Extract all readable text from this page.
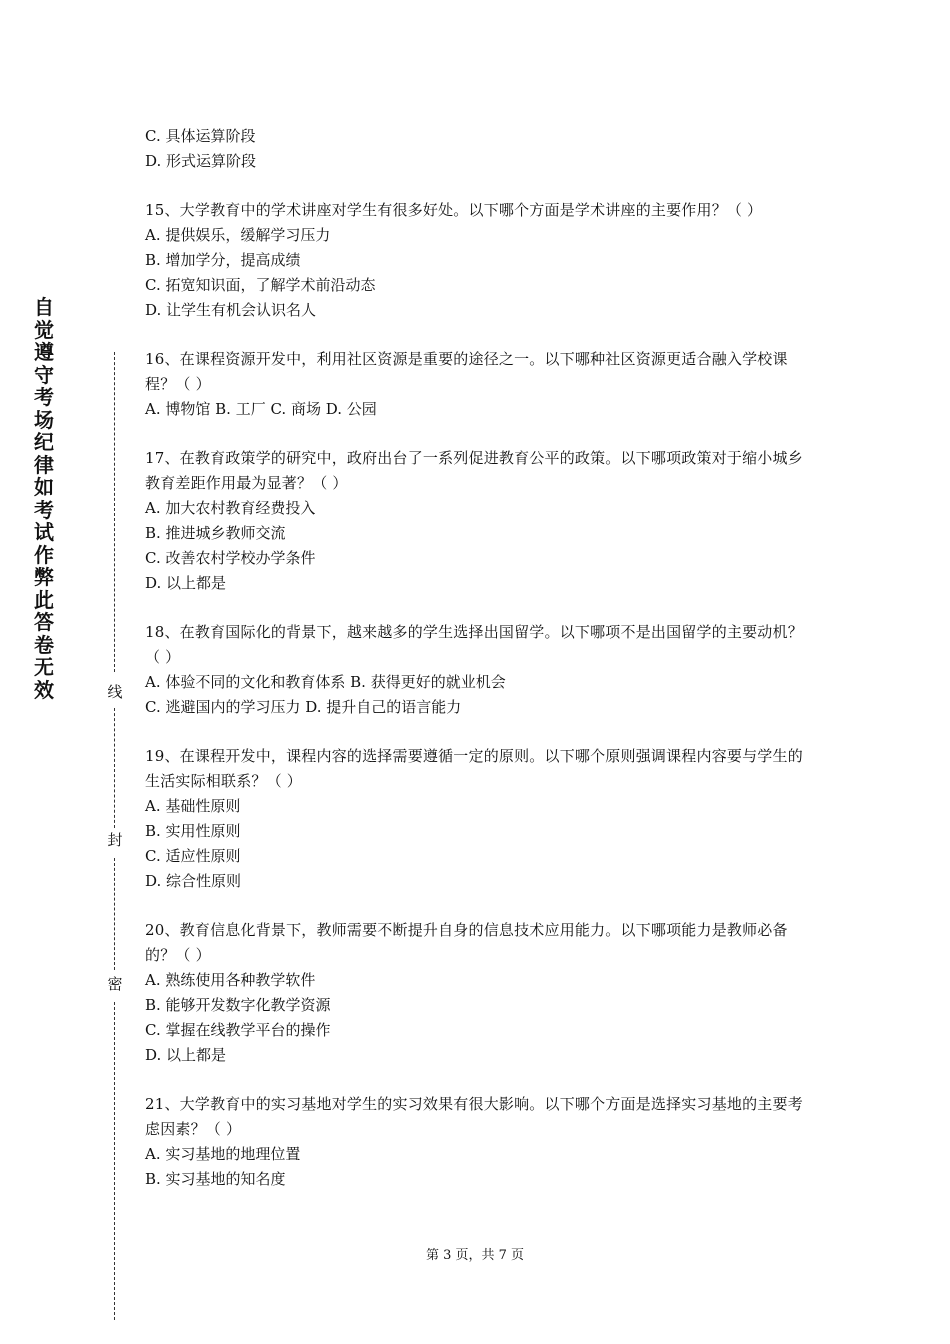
自觉遵守考场纪律如考试作弊此答卷无效	线
封
密

C. 具体运算阶段

D. 形式运算阶段

15、大学教育中的学术讲座对学生有很多好处。以下哪个方面是学术讲座的主要作用？（ ）

A. 提供娱乐，缓解学习压力

B. 增加学分，提高成绩

C. 拓宽知识面，了解学术前沿动态

D. 让学生有机会认识名人

16、在课程资源开发中，利用社区资源是重要的途径之一。以下哪种社区资源更适合融入学校课程？（ ）

A. 博物馆 B. 工厂 C. 商场 D. 公园

17、在教育政策学的研究中，政府出台了一系列促进教育公平的政策。以下哪项政策对于缩小城乡教育差距作用最为显著？（ ）

A. 加大农村教育经费投入

B. 推进城乡教师交流

C. 改善农村学校办学条件

D. 以上都是

18、在教育国际化的背景下，越来越多的学生选择出国留学。以下哪项不是出国留学的主要动机？（ ）

A. 体验不同的文化和教育体系 B. 获得更好的就业机会

C. 逃避国内的学习压力 D. 提升自己的语言能力

19、在课程开发中，课程内容的选择需要遵循一定的原则。以下哪个原则强调课程内容要与学生的生活实际相联系？（ ）

A. 基础性原则

B. 实用性原则

C. 适应性原则

D. 综合性原则

20、教育信息化背景下，教师需要不断提升自身的信息技术应用能力。以下哪项能力是教师必备的？（ ）

A. 熟练使用各种教学软件

B. 能够开发数字化教学资源

C. 掌握在线教学平台的操作

D. 以上都是

21、大学教育中的实习基地对学生的实习效果有很大影响。以下哪个方面是选择实习基地的主要考虑因素？（ ）

A. 实习基地的地理位置

B. 实习基地的知名度

第 3 页，共 7 页
